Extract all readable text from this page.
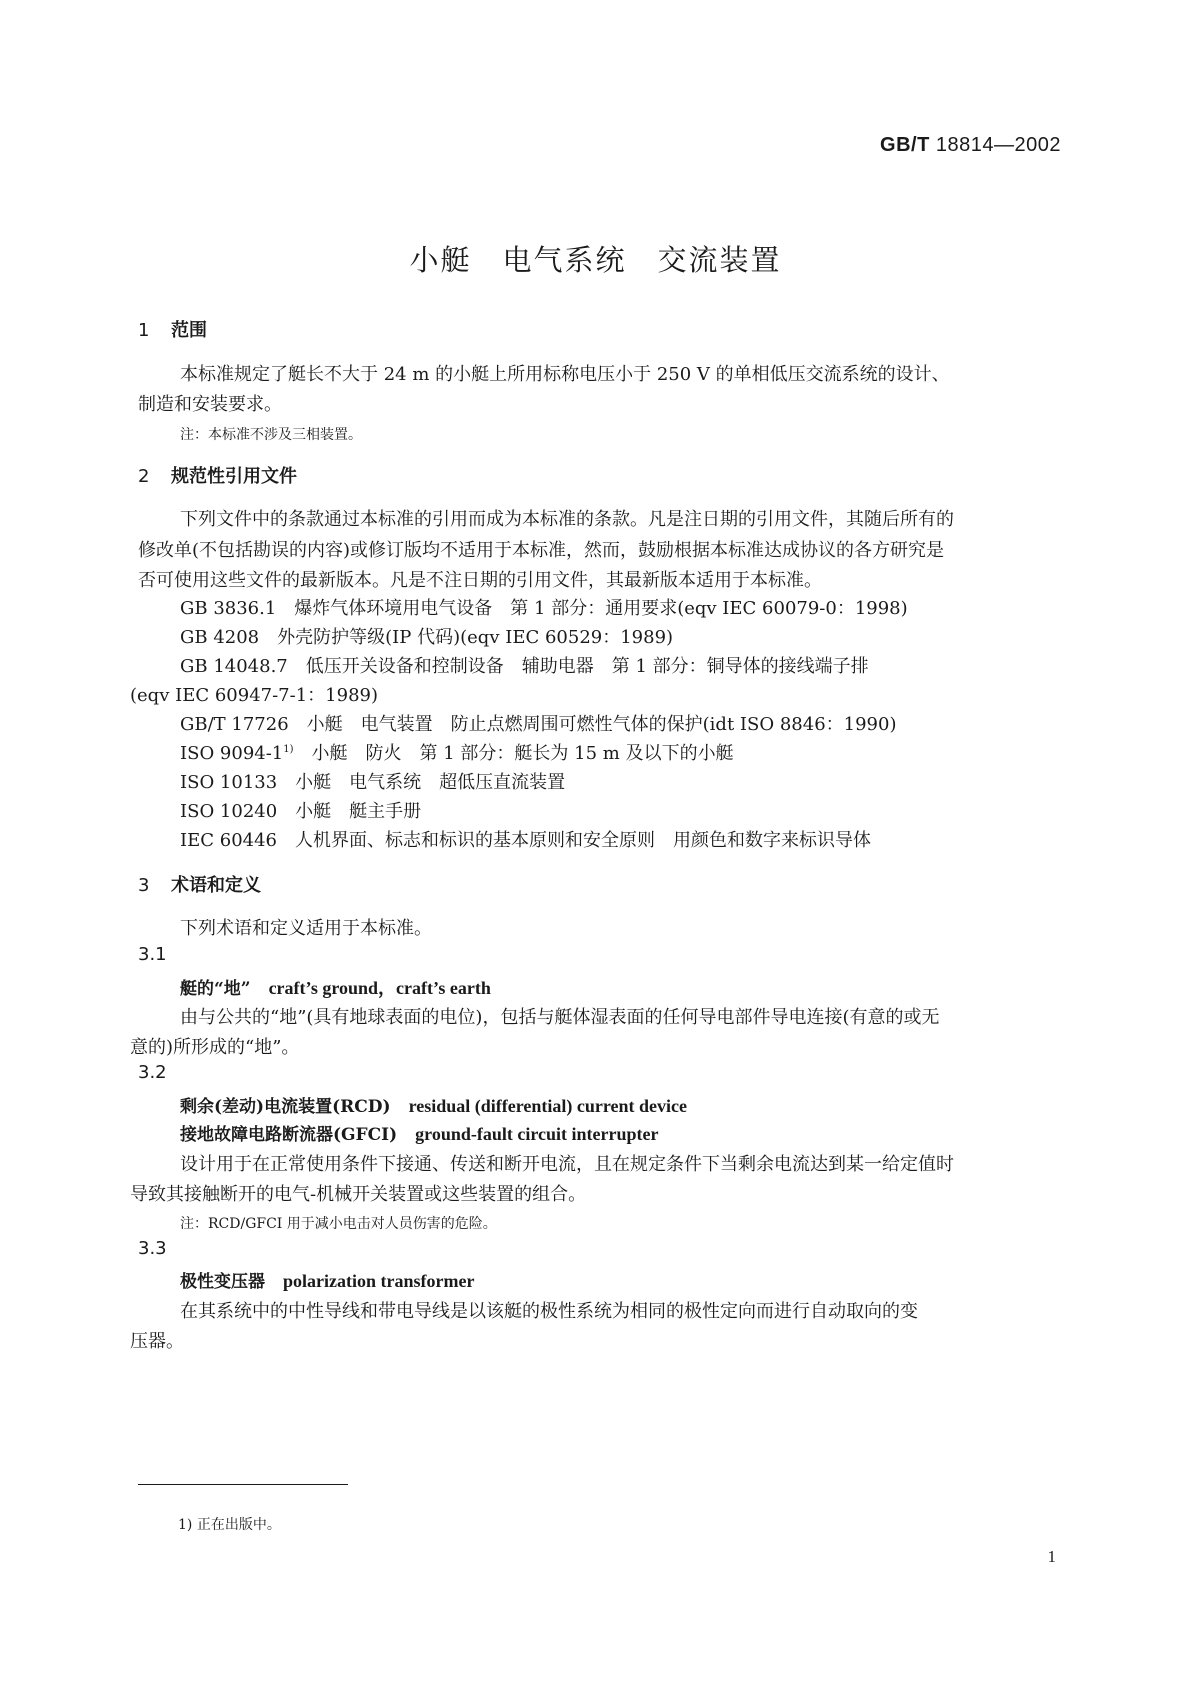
GB/T 18814—2002
小艇　电气系统　交流装置
1 范围
本标准规定了艇长不大于 24 m 的小艇上所用标称电压小于 250 V 的单相低压交流系统的设计、
制造和安装要求。
注：本标准不涉及三相装置。
2 规范性引用文件
下列文件中的条款通过本标准的引用而成为本标准的条款。凡是注日期的引用文件，其随后所有的
修改单(不包括勘误的内容)或修订版均不适用于本标准，然而，鼓励根据本标准达成协议的各方研究是
否可使用这些文件的最新版本。凡是不注日期的引用文件，其最新版本适用于本标准。
GB 3836.1　爆炸气体环境用电气设备　第 1 部分：通用要求(eqv IEC 60079-0：1998)
GB 4208　外壳防护等级(IP 代码)(eqv IEC 60529：1989)
GB 14048.7　低压开关设备和控制设备　辅助电器　第 1 部分：铜导体的接线端子排
(eqv IEC 60947-7-1：1989)
GB/T 17726　小艇　电气装置　防止点燃周围可燃性气体的保护(idt ISO 8846：1990)
ISO 9094-1$^{1)}$　小艇　防火　第 1 部分：艇长为 15 m 及以下的小艇
ISO 10133　小艇　电气系统　超低压直流装置
ISO 10240　小艇　艇主手册
IEC 60446　人机界面、标志和标识的基本原则和安全原则　用颜色和数字来标识导体
3 术语和定义
下列术语和定义适用于本标准。
3.1
艇的“地” craft’s ground，craft’s earth
由与公共的“地”(具有地球表面的电位)，包括与艇体湿表面的任何导电部件导电连接(有意的或无
意的)所形成的“地”。
3.2
剩余(差动)电流装置(RCD) residual (differential) current device
接地故障电路断流器(GFCI) ground-fault circuit interrupter
设计用于在正常使用条件下接通、传送和断开电流，且在规定条件下当剩余电流达到某一给定值时
导致其接触断开的电气-机械开关装置或这些装置的组合。
注：RCD/GFCI 用于减小电击对人员伤害的危险。
3.3
极性变压器 polarization transformer
在其系统中的中性导线和带电导线是以该艇的极性系统为相同的极性定向而进行自动取向的变
压器。
1) 正在出版中。
1
